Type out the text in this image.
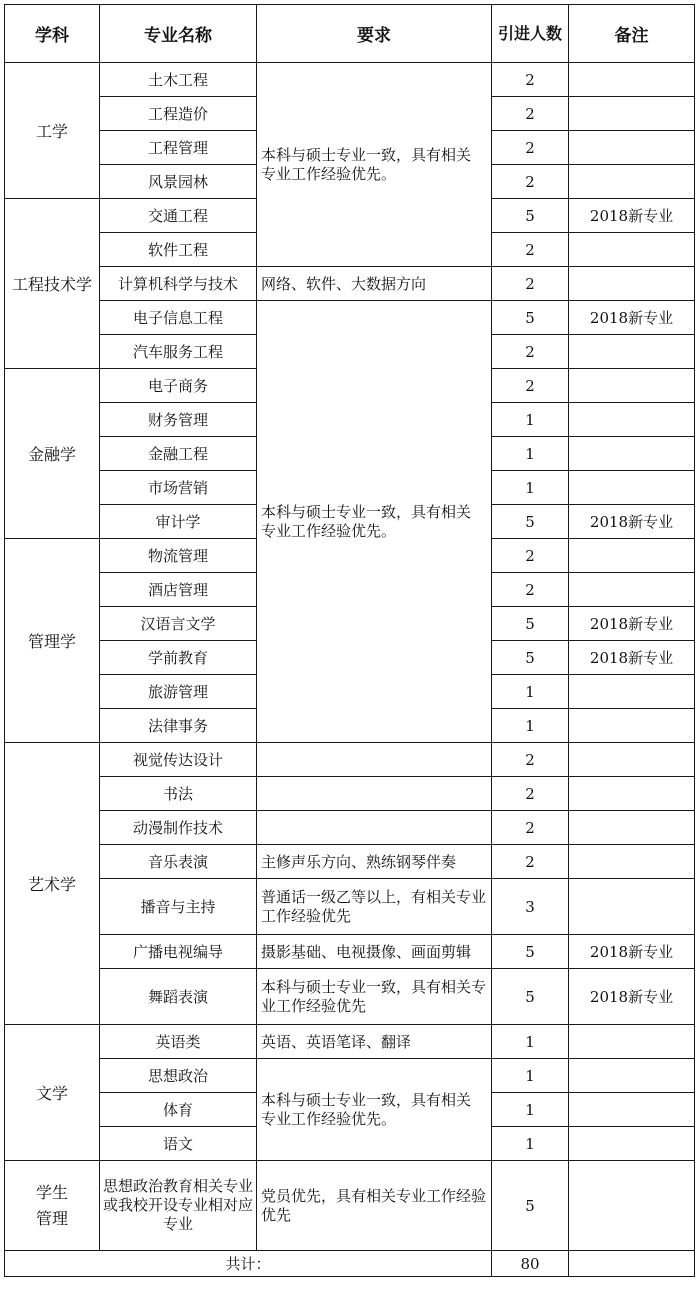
学科	专业名称	要求	引进人数	备注
工学	土木工程	本科与硕士专业一致，具有相关专业工作经验优先。	2	
	工程造价		2	
	工程管理		2	
	风景园林		2	
工程技术学	交通工程		5	2018新专业
	软件工程		2	
	计算机科学与技术	网络、软件、大数据方向	2	
	电子信息工程	本科与硕士专业一致，具有相关专业工作经验优先。	5	2018新专业
	汽车服务工程		2	
金融学	电子商务		2	
	财务管理		1	
	金融工程		1	
	市场营销		1	
	审计学		5	2018新专业
管理学	物流管理		2	
	酒店管理		2	
	汉语言文学		5	2018新专业
	学前教育		5	2018新专业
	旅游管理		1	
	法律事务		1	
艺术学	视觉传达设计		2	
	书法		2	
	动漫制作技术		2	
	音乐表演	主修声乐方向、熟练钢琴伴奏	2	
	播音与主持	普通话一级乙等以上，有相关专业工作经验优先	3	
	广播电视编导	摄影基础、电视摄像、画面剪辑	5	2018新专业
	舞蹈表演	本科与硕士专业一致，具有相关专业工作经验优先	5	2018新专业
文学	英语类	英语、英语笔译、翻译	1	
	思想政治	本科与硕士专业一致，具有相关专业工作经验优先。	1	
	体育		1	
	语文		1	
学生管理	思想政治教育相关专业或我校开设专业相对应专业	党员优先，具有相关专业工作经验优先	5	
共计：			80	
